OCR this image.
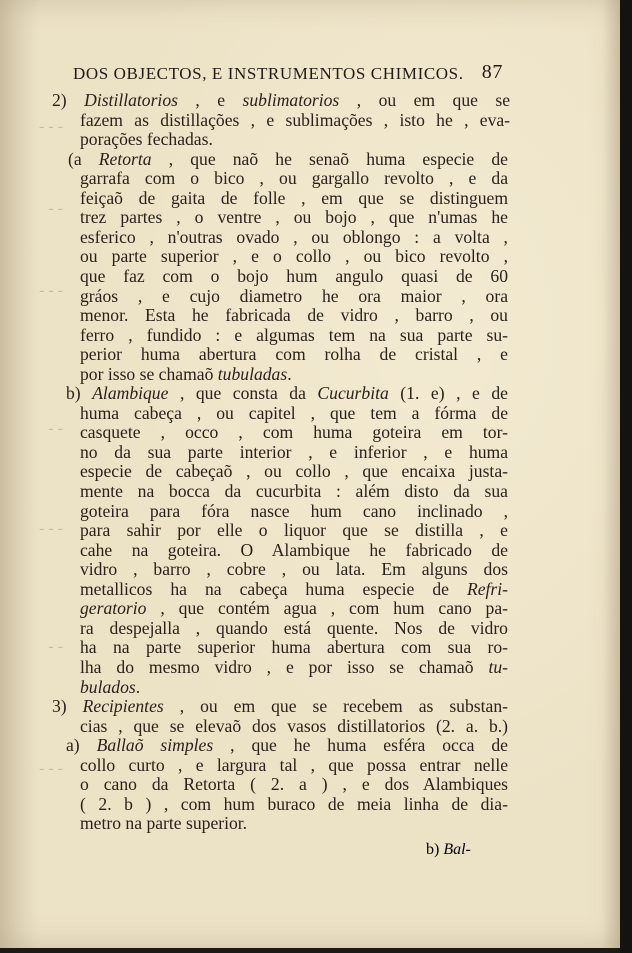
- - -
- -
- - -
- -
- - -
- -
- - -
DOS OBJECTOS, E INSTRUMENTOS CHIMICOS. 87
2) Distillatorios , e sublimatorios , ou em que se
fazem as distillações , e sublimações , isto he , eva-
porações fechadas.
(a Retorta , que naõ he senaõ huma especie de
garrafa com o bico , ou gargallo revolto , e da
feiçaõ de gaita de folle , em que se distinguem
trez partes , o ventre , ou bojo , que n'umas he
esferico , n'outras ovado , ou oblongo : a volta ,
ou parte superior , e o collo , ou bico revolto ,
que faz com o bojo hum angulo quasi de 60
gráos , e cujo diametro he ora maior , ora
menor. Esta he fabricada de vidro , barro , ou
ferro , fundido : e algumas tem na sua parte su-
perior huma abertura com rolha de cristal , e
por isso se chamaõ tubuladas.
b) Alambique , que consta da Cucurbita (1. e) , e de
huma cabeça , ou capitel , que tem a fórma de
casquete , occo , com huma goteira em tor-
no da sua parte interior , e inferior , e huma
especie de cabeçaõ , ou collo , que encaixa justa-
mente na bocca da cucurbita : além disto da sua
goteira para fóra nasce hum cano inclinado ,
para sahir por elle o liquor que se distilla , e
cahe na goteira. O Alambique he fabricado de
vidro , barro , cobre , ou lata. Em alguns dos
metallicos ha na cabeça huma especie de Refri-
geratorio , que contém agua , com hum cano pa-
ra despejalla , quando está quente. Nos de vidro
ha na parte superior huma abertura com sua ro-
lha do mesmo vidro , e por isso se chamaõ tu-
bulados.
3) Recipientes , ou em que se recebem as substan-
cias , que se elevaõ dos vasos distillatorios (2. a. b.)
a) Ballaõ simples , que he huma esféra occa de
collo curto , e largura tal , que possa entrar nelle
o cano da Retorta ( 2. a ) , e dos Alambiques
( 2. b ) , com hum buraco de meia linha de dia-
metro na parte superior.
b) Bal-
